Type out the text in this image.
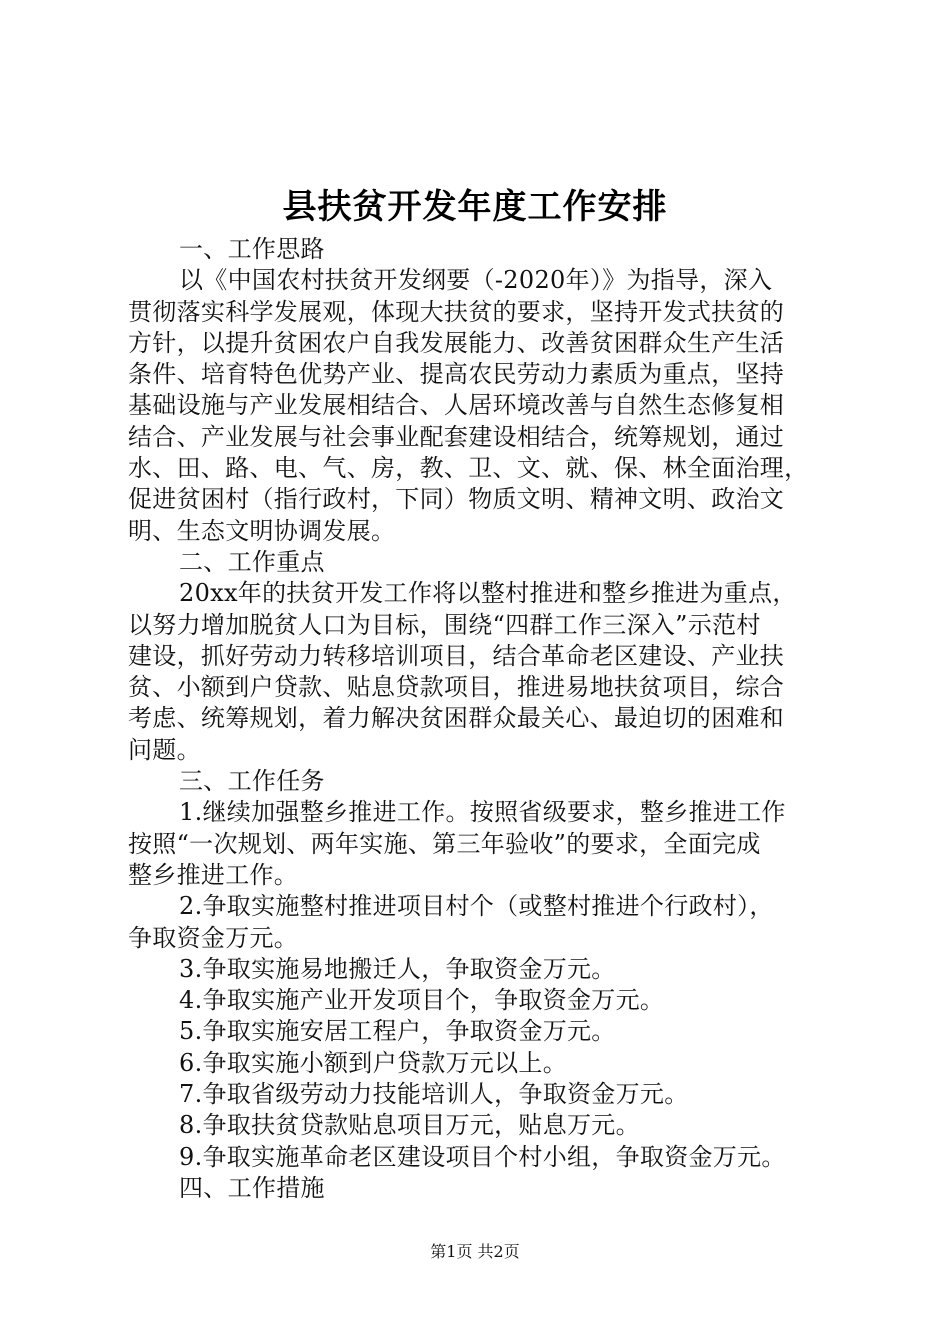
县扶贫开发年度工作安排
一、工作思路
以《中国农村扶贫开发纲要（-2020年）》为指导，深入
贯彻落实科学发展观，体现大扶贫的要求，坚持开发式扶贫的
方针，以提升贫困农户自我发展能力、改善贫困群众生产生活
条件、培育特色优势产业、提高农民劳动力素质为重点，坚持
基础设施与产业发展相结合、人居环境改善与自然生态修复相
结合、产业发展与社会事业配套建设相结合，统筹规划，通过
水、田、路、电、气、房，教、卫、文、就、保、林全面治理，
促进贫困村（指行政村，下同）物质文明、精神文明、政治文
明、生态文明协调发展。
二、工作重点
20xx年的扶贫开发工作将以整村推进和整乡推进为重点，
以努力增加脱贫人口为目标，围绕“四群工作三深入”示范村
建设，抓好劳动力转移培训项目，结合革命老区建设、产业扶
贫、小额到户贷款、贴息贷款项目，推进易地扶贫项目，综合
考虑、统筹规划，着力解决贫困群众最关心、最迫切的困难和
问题。
三、工作任务
1.继续加强整乡推进工作。按照省级要求，整乡推进工作
按照“一次规划、两年实施、第三年验收”的要求，全面完成
整乡推进工作。
2.争取实施整村推进项目村个（或整村推进个行政村），
争取资金万元。
3.争取实施易地搬迁人，争取资金万元。
4.争取实施产业开发项目个，争取资金万元。
5.争取实施安居工程户，争取资金万元。
6.争取实施小额到户贷款万元以上。
7.争取省级劳动力技能培训人，争取资金万元。
8.争取扶贫贷款贴息项目万元，贴息万元。
9.争取实施革命老区建设项目个村小组，争取资金万元。
四、工作措施
第1页 共2页
